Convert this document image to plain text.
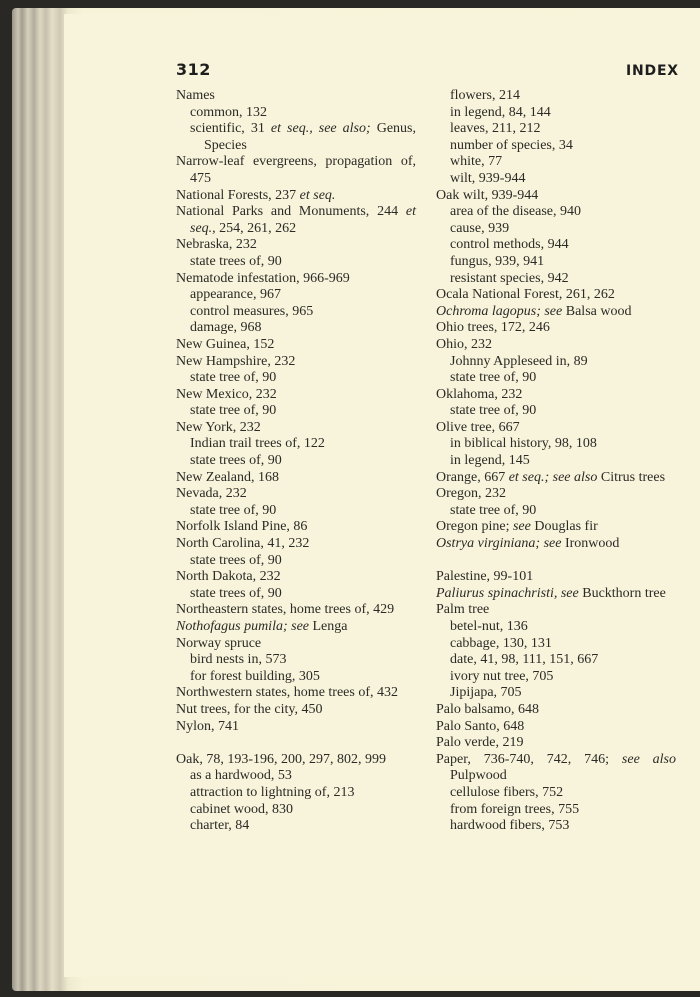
312	INDEX
Names
common, 132
scientific, 31 et seq., see also; Genus, Species
Narrow-leaf evergreens, propagation of, 475
National Forests, 237 et seq.
National Parks and Monuments, 244 et seq., 254, 261, 262
Nebraska, 232
state trees of, 90
Nematode infestation, 966-969
appearance, 967
control measures, 965
damage, 968
New Guinea, 152
New Hampshire, 232
state tree of, 90
New Mexico, 232
state tree of, 90
New York, 232
Indian trail trees of, 122
state trees of, 90
New Zealand, 168
Nevada, 232
state tree of, 90
Norfolk Island Pine, 86
North Carolina, 41, 232
state trees of, 90
North Dakota, 232
state trees of, 90
Northeastern states, home trees of, 429
Nothofagus pumila; see Lenga
Norway spruce
bird nests in, 573
for forest building, 305
Northwestern states, home trees of, 432
Nut trees, for the city, 450
Nylon, 741
Oak, 78, 193-196, 200, 297, 802, 999
as a hardwood, 53
attraction to lightning of, 213
cabinet wood, 830
charter, 84
flowers, 214
in legend, 84, 144
leaves, 211, 212
number of species, 34
white, 77
wilt, 939-944
Oak wilt, 939-944
area of the disease, 940
cause, 939
control methods, 944
fungus, 939, 941
resistant species, 942
Ocala National Forest, 261, 262
Ochroma lagopus; see Balsa wood
Ohio trees, 172, 246
Ohio, 232
Johnny Appleseed in, 89
state tree of, 90
Oklahoma, 232
state tree of, 90
Olive tree, 667
in biblical history, 98, 108
in legend, 145
Orange, 667 et seq.; see also Citrus trees
Oregon, 232
state tree of, 90
Oregon pine; see Douglas fir
Ostrya virginiana; see Ironwood
Palestine, 99-101
Paliurus spinachristi, see Buckthorn tree
Palm tree
betel-nut, 136
cabbage, 130, 131
date, 41, 98, 111, 151, 667
ivory nut tree, 705
Jipijapa, 705
Palo balsamo, 648
Palo Santo, 648
Palo verde, 219
Paper, 736-740, 742, 746; see also Pulpwood
cellulose fibers, 752
from foreign trees, 755
hardwood fibers, 753
